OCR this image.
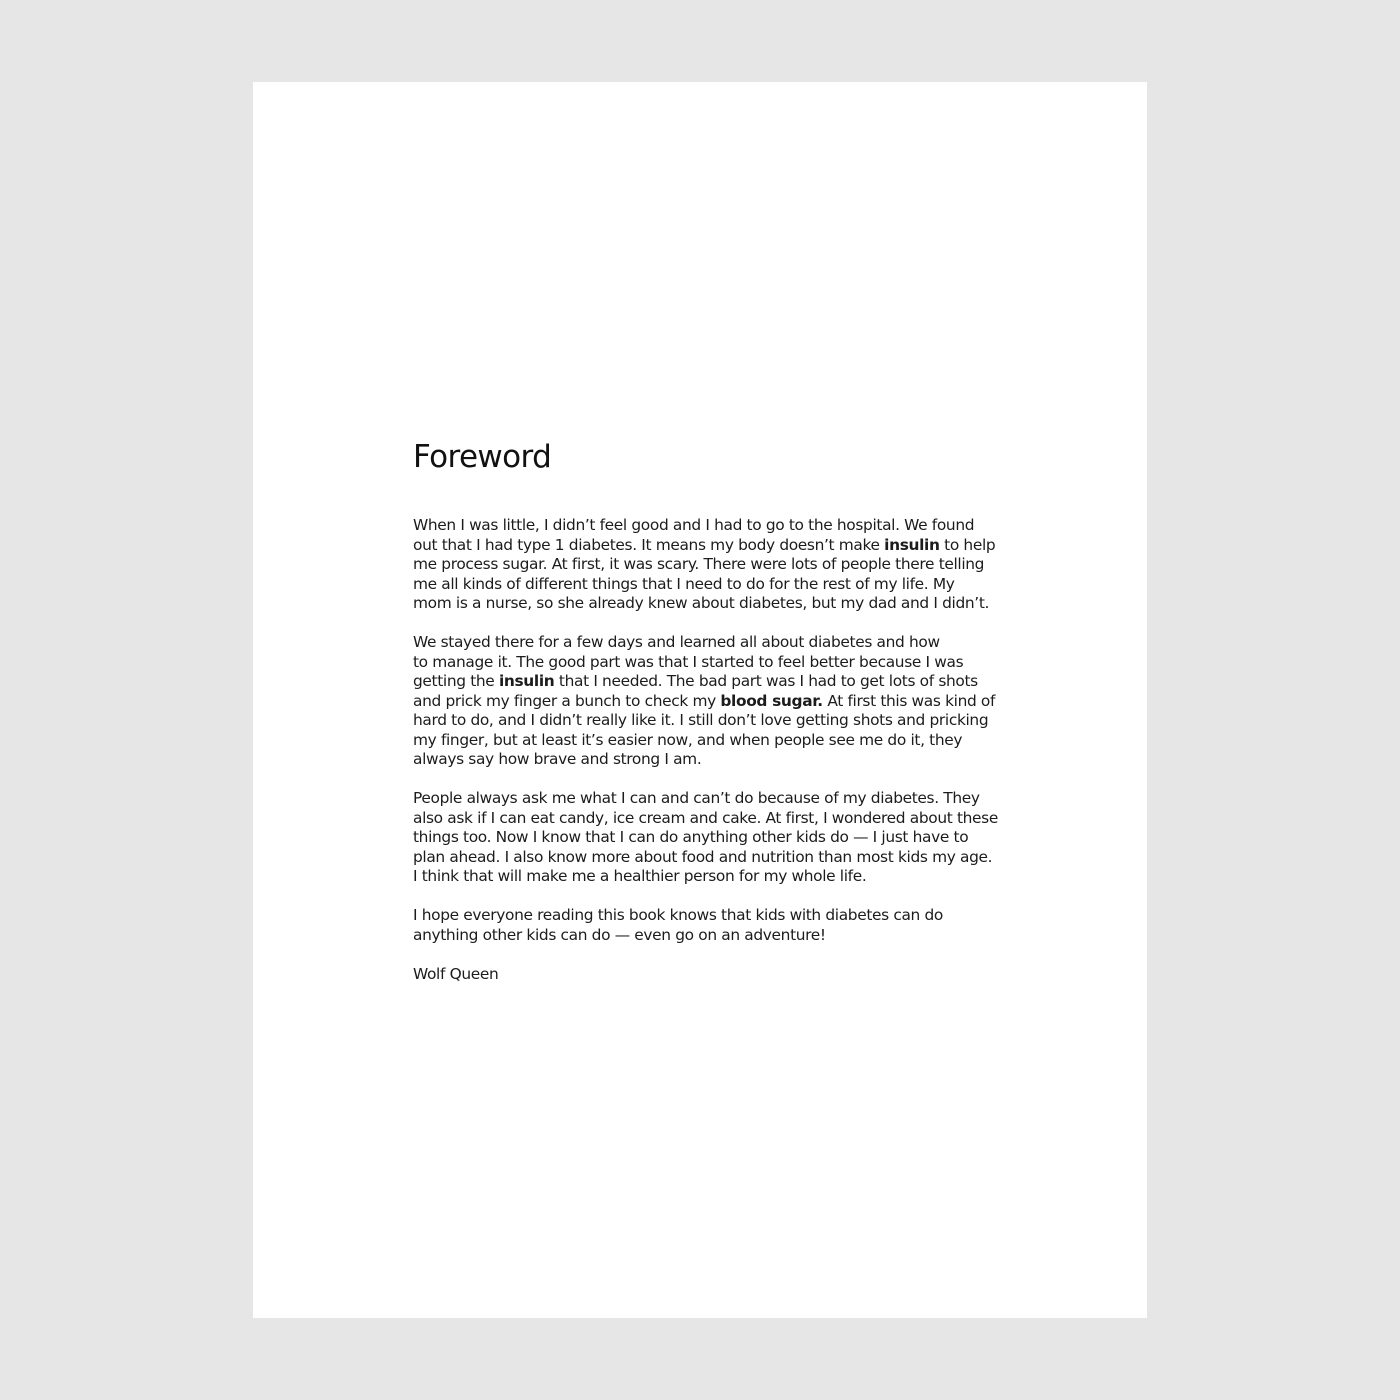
Foreword

When I was little, I didn’t feel good and I had to go to the hospital. We found
out that I had type 1 diabetes. It means my body doesn’t make insulin to help
me process sugar. At first, it was scary. There were lots of people there telling
me all kinds of different things that I need to do for the rest of my life. My
mom is a nurse, so she already knew about diabetes, but my dad and I didn’t.

We stayed there for a few days and learned all about diabetes and how
to manage it. The good part was that I started to feel better because I was
getting the insulin that I needed. The bad part was I had to get lots of shots
and prick my finger a bunch to check my blood sugar. At first this was kind of
hard to do, and I didn’t really like it. I still don’t love getting shots and pricking
my finger, but at least it’s easier now, and when people see me do it, they
always say how brave and strong I am.

People always ask me what I can and can’t do because of my diabetes. They
also ask if I can eat candy, ice cream and cake. At first, I wondered about these
things too. Now I know that I can do anything other kids do — I just have to
plan ahead. I also know more about food and nutrition than most kids my age.
I think that will make me a healthier person for my whole life.

I hope everyone reading this book knows that kids with diabetes can do
anything other kids can do — even go on an adventure!

Wolf Queen
